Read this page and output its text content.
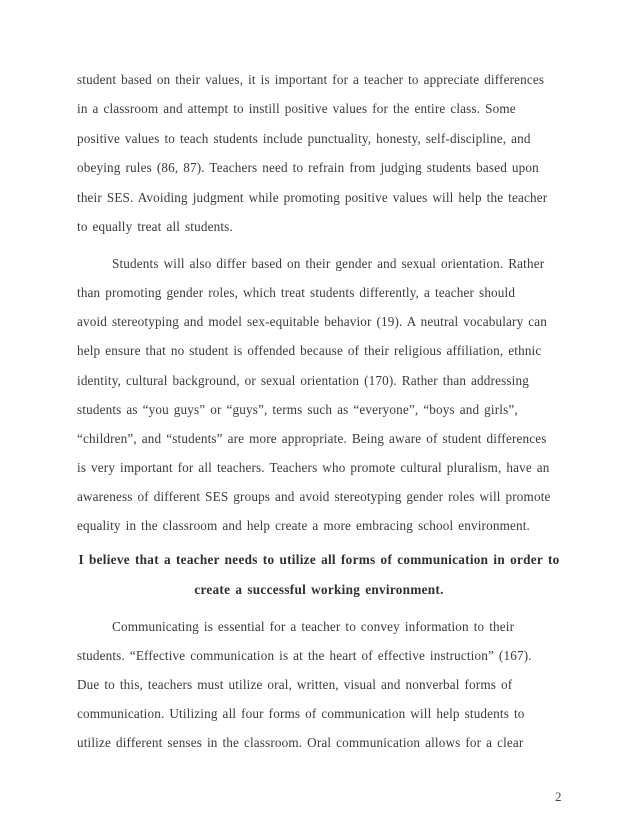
student based on their values, it is important for a teacher to appreciate differences
in a classroom and attempt to instill positive values for the entire class. Some
positive values to teach students include punctuality, honesty, self-discipline, and
obeying rules (86, 87). Teachers need to refrain from judging students based upon
their SES. Avoiding judgment while promoting positive values will help the teacher
to equally treat all students.
Students will also differ based on their gender and sexual orientation. Rather
than promoting gender roles, which treat students differently, a teacher should
avoid stereotyping and model sex-equitable behavior (19). A neutral vocabulary can
help ensure that no student is offended because of their religious affiliation, ethnic
identity, cultural background, or sexual orientation (170). Rather than addressing
students as “you guys” or “guys”, terms such as “everyone”, “boys and girls”,
“children”, and “students” are more appropriate. Being aware of student differences
is very important for all teachers. Teachers who promote cultural pluralism, have an
awareness of different SES groups and avoid stereotyping gender roles will promote
equality in the classroom and help create a more embracing school environment.
I believe that a teacher needs to utilize all forms of communication in order to
create a successful working environment.
Communicating is essential for a teacher to convey information to their
students. “Effective communication is at the heart of effective instruction” (167).
Due to this, teachers must utilize oral, written, visual and nonverbal forms of
communication. Utilizing all four forms of communication will help students to
utilize different senses in the classroom. Oral communication allows for a clear
2
